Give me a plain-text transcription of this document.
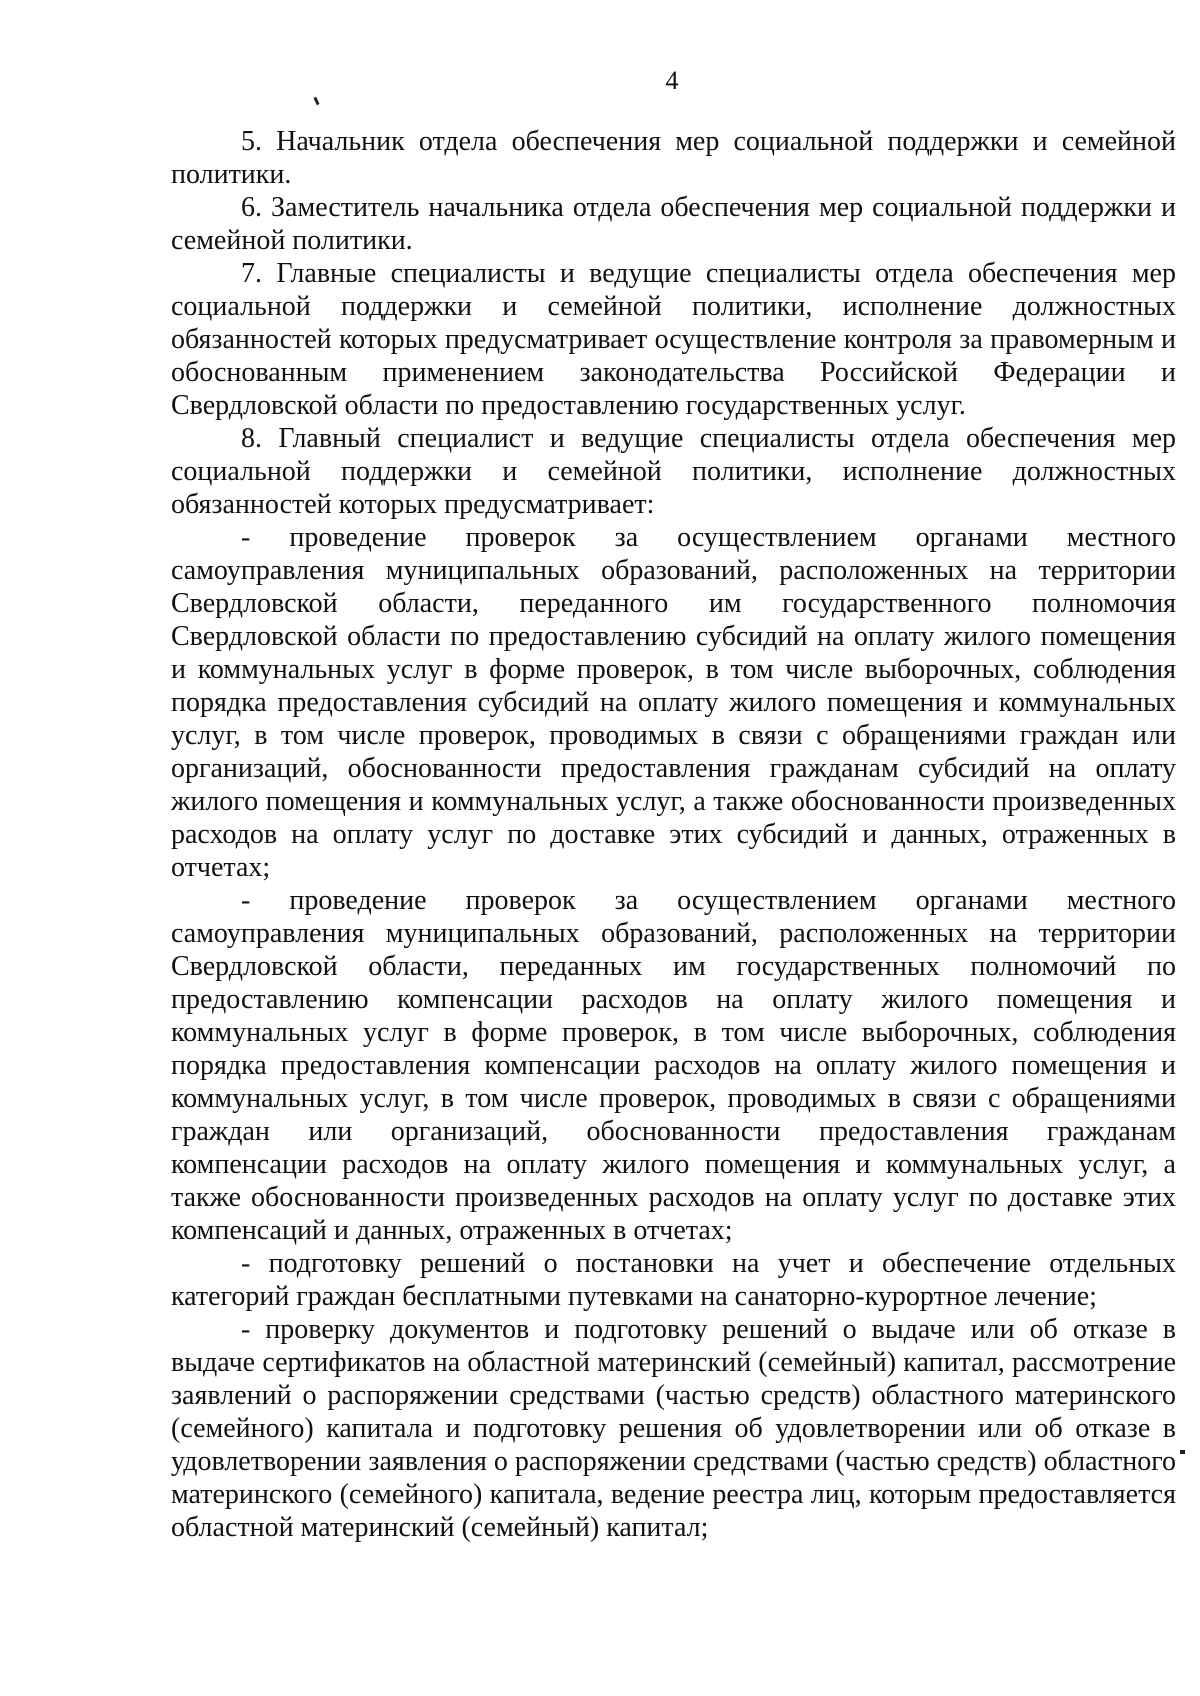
4

5. Начальник отдела обеспечения мер социальной поддержки и семейной политики.

6. Заместитель начальника отдела обеспечения мер социальной поддержки и семейной политики.

7. Главные специалисты и ведущие специалисты отдела обеспечения мер социальной поддержки и семейной политики, исполнение должностных обязанностей которых предусматривает осуществление контроля за правомерным и обоснованным применением законодательства Российской Федерации и Свердловской области по предоставлению государственных услуг.

8. Главный специалист и ведущие специалисты отдела обеспечения мер социальной поддержки и семейной политики, исполнение должностных обязанностей которых предусматривает:

- проведение проверок за осуществлением органами местного самоуправления муниципальных образований, расположенных на территории Свердловской области, переданного им государственного полномочия Свердловской области по предоставлению субсидий на оплату жилого помещения и коммунальных услуг в форме проверок, в том числе выборочных, соблюдения порядка предоставления субсидий на оплату жилого помещения и коммунальных услуг, в том числе проверок, проводимых в связи с обращениями граждан или организаций, обоснованности предоставления гражданам субсидий на оплату жилого помещения и коммунальных услуг, а также обоснованности произведенных расходов на оплату услуг по доставке этих субсидий и данных, отраженных в отчетах;

- проведение проверок за осуществлением органами местного самоуправления муниципальных образований, расположенных на территории Свердловской области, переданных им государственных полномочий по предоставлению компенсации расходов на оплату жилого помещения и коммунальных услуг в форме проверок, в том числе выборочных, соблюдения порядка предоставления компенсации расходов на оплату жилого помещения и коммунальных услуг, в том числе проверок, проводимых в связи с обращениями граждан или организаций, обоснованности предоставления гражданам компенсации расходов на оплату жилого помещения и коммунальных услуг, а также обоснованности произведенных расходов на оплату услуг по доставке этих компенсаций и данных, отраженных в отчетах;

- подготовку решений о постановки на учет и обеспечение отдельных категорий граждан бесплатными путевками на санаторно-курортное лечение;

- проверку документов и подготовку решений о выдаче или об отказе в выдаче сертификатов на областной материнский (семейный) капитал, рассмотрение заявлений о распоряжении средствами (частью средств) областного материнского (семейного) капитала и подготовку решения об удовлетворении или об отказе в удовлетворении заявления о распоряжении средствами (частью средств) областного материнского (семейного) капитала, ведение реестра лиц, которым предоставляется областной материнский (семейный) капитал;
